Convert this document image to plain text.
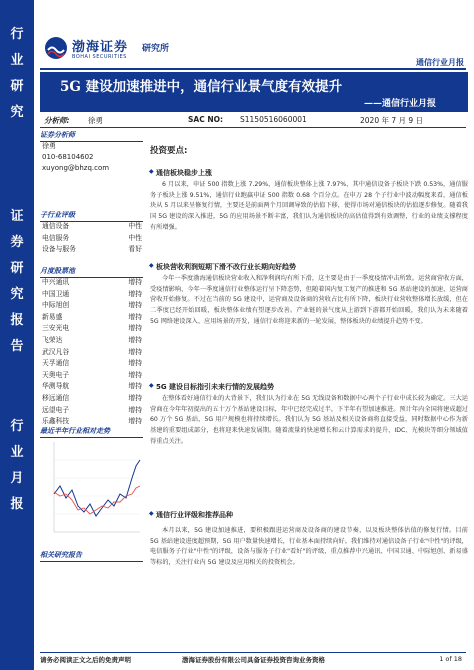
行
业
研
究
证
券
研
究
报
告
行
业
月
报
渤海证券 研究所
BOHAI SECURITIES
通信行业月报
5G 建设加速推进中，通信行业景气度有效提升
——通信行业月报
分析师: 徐勇	SAC NO: S1150516060001	2020 年 7 月 9 日
证券分析师
徐勇
010-68104602
xuyong@bhzq.com
子行业评级
通信设备	中性
电信服务	中性
设备与服务	看好
月度股票池
中兴通讯	增持
中国卫通	增持
中际旭创	增持
新易盛	增持
三安光电	增持
飞荣达	增持
武汉凡谷	增持
天孚通信	增持
天奥电子	增持
华测导航	增持
移远通信	增持
远望电子	增持
乐鑫科技	增持
最近半年行业相对走势
相关研究报告
投资要点:
◆ 通信板块稳步上涨
6 月以来，申证 500 指数上涨 7.29%，通信板块整体上涨 7.97%，其中通信设备子板块下跌 0.53%，通信服务子板块上涨 9.51%，通信行业跑赢申证 500 指数 0.68 个百分点。在申万 28 个子行业中波动幅度来看，通信板块从 5 月以来呈修复行情，主要还是前面两个月回调导致的估值下移，使得市场对通信板块的估值逐步修复。随着我国 5G 建设的深入推进，5G 的应用场景不断丰富，我们认为通信板块的高估值得到有效调整，行业的业绩支撑程度有所增强。
◆ 板块营收利润短期下滑不改行业长期向好趋势
今年一季度渤海通信板块营业收入和净利润均有所下滑，这主要是由于一季度疫情冲击所致。运营商营收方面，受疫情影响，今年一季度通信行业整体运行呈下降态势，但随着国内复工复产的推进和 5G 基站建设的加速，运营商营收开始修复。不过在当前的 5G 建设中，运营商及设备商的营收占比有所下降，板块行业营收整体增长放缓，但在二季度已经开始回暖，板块整体业绩有望逐步改善。产业链的景气度从上游到下游都开始回暖，我们认为未来随着 5G 网络建设深入、应用场景的开发，通信行业将迎来新的一轮发展，整体板块的业绩提升趋势不变。
◆ 5G 建设目标指引未来行情的发展趋势
在整体看好通信行业的大背景下，我们认为行业在 5G 无线设备和数据中心两个子行业中成长较为确定。三大运营商在今年年初提出的五十万个基站建设目标，年中已经完成过半，下半年有望加速推进。预计年内全国将建成超过 60 万个 5G 基站，5G 用户规模也将持续增长。我们认为 5G 基站及相关设备商将直接受益，同时数据中心作为新基建的重要组成部分，也将迎来快速发展期。随着流量的快速增长和云计算需求的提升，IDC、光模块等细分领域值得重点关注。
◆ 通信行业评级和推荐品种
本月以来，5G 建设加速推进，要积极跟进运营商及设备商的建设节奏，以及板块整体估值的修复行情。目前 5G 基站建设进度超预期，5G 用户数量快速增长，行业基本面持续向好。我们维持对通信设备子行业"中性"的评级，电信服务子行业"中性"的评级，设备与服务子行业"看好"的评级，重点推荐中兴通讯、中国卫通、中际旭创、新易盛等标的，关注行业内 5G 建设及应用相关的投资机会。
请务必阅读正文之后的免责声明	渤海证券股份有限公司具备证券投资咨询业务资格	1 of 18
